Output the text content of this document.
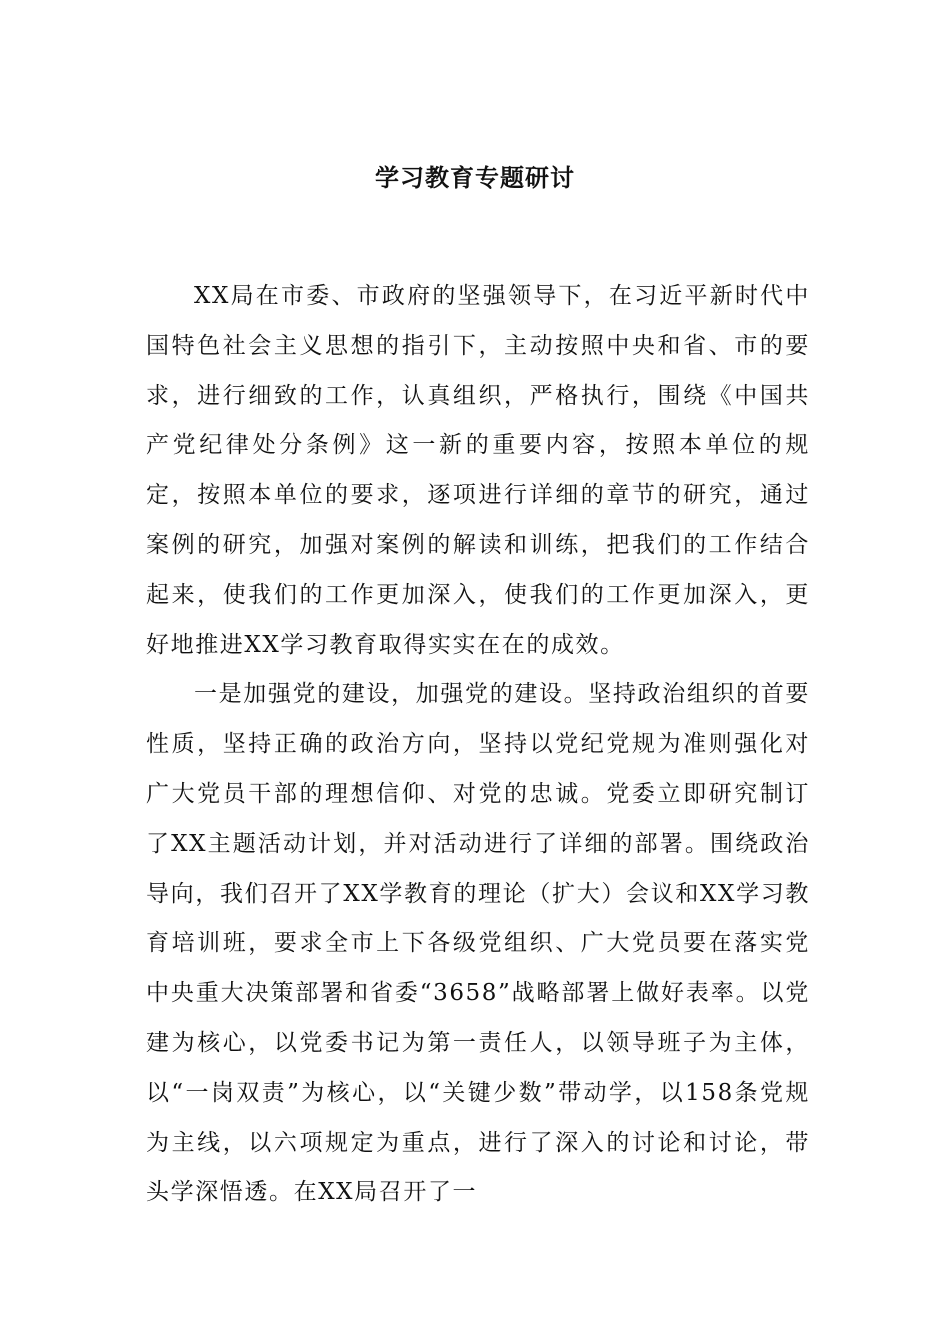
学习教育专题研讨

XX局在市委、市政府的坚强领导下，在习近平新时代中国特色社会主义思想的指引下，主动按照中央和省、市的要求，进行细致的工作，认真组织，严格执行，围绕《中国共产党纪律处分条例》这一新的重要内容，按照本单位的规定，按照本单位的要求，逐项进行详细的章节的研究，通过案例的研究，加强对案例的解读和训练，把我们的工作结合起来，使我们的工作更加深入，使我们的工作更加深入，更好地推进XX学习教育取得实实在在的成效。

一是加强党的建设，加强党的建设。坚持政治组织的首要性质，坚持正确的政治方向，坚持以党纪党规为准则强化对广大党员干部的理想信仰、对党的忠诚。党委立即研究制订了XX主题活动计划，并对活动进行了详细的部署。围绕政治导向，我们召开了XX学教育的理论（扩大）会议和XX学习教育培训班，要求全市上下各级党组织、广大党员要在落实党中央重大决策部署和省委“3658”战略部署上做好表率。以党建为核心，以党委书记为第一责任人，以领导班子为主体，以“一岗双责”为核心，以“关键少数”带动学，以158条党规为主线，以六项规定为重点，进行了深入的讨论和讨论，带头学深悟透。在XX局召开了一
